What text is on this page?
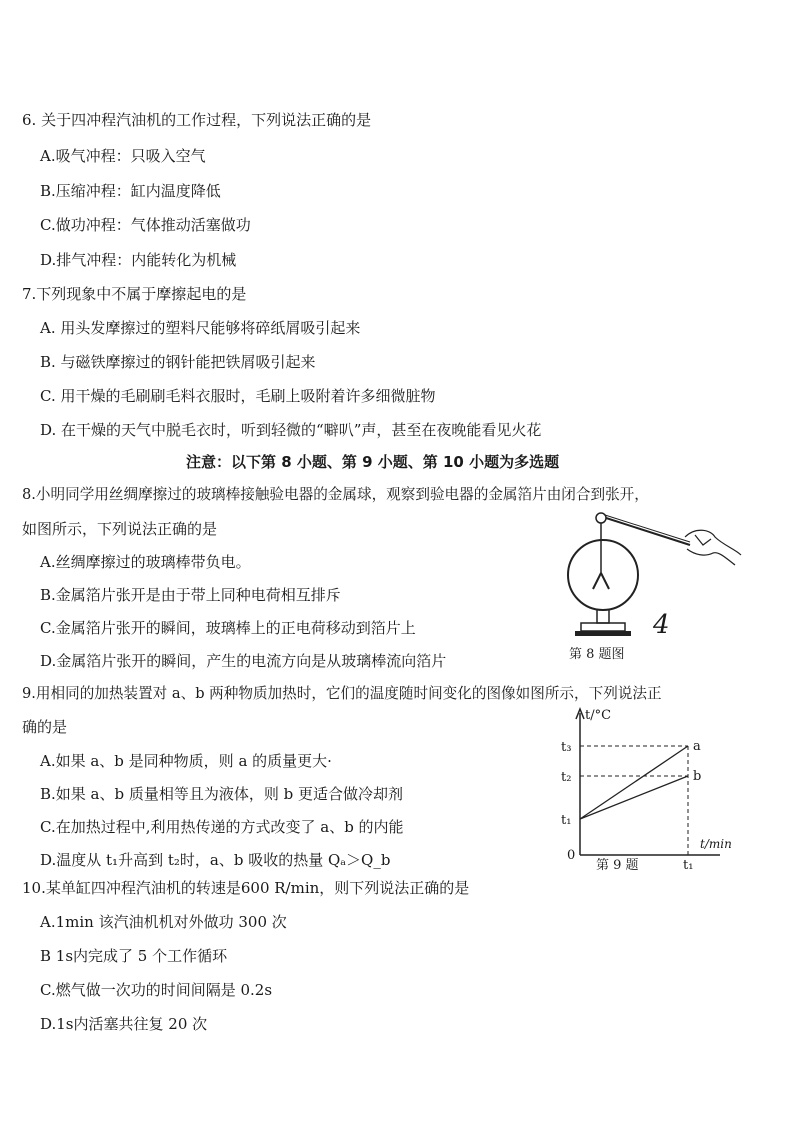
6. 关于四冲程汽油机的工作过程，下列说法正确的是
A.吸气冲程：只吸入空气
B.压缩冲程：缸内温度降低
C.做功冲程：气体推动活塞做功
D.排气冲程：内能转化为机械
7.下列现象中不属于摩擦起电的是
A. 用头发摩擦过的塑料尺能够将碎纸屑吸引起来
B. 与磁铁摩擦过的钢针能把铁屑吸引起来
C. 用干燥的毛刷刷毛料衣服时，毛刷上吸附着许多细微脏物
D. 在干燥的天气中脱毛衣时，听到轻微的“噼叭”声，甚至在夜晚能看见火花
注意：以下第 8 小题、第 9 小题、第 10 小题为多选题
8.小明同学用丝绸摩擦过的玻璃棒接触验电器的金属球，观察到验电器的金属箔片由闭合到张开，
如图所示，下列说法正确的是
A.丝绸摩擦过的玻璃棒带负电。
B.金属箔片张开是由于带上同种电荷相互排斥
C.金属箔片张开的瞬间，玻璃棒上的正电荷移动到箔片上
D.金属箔片张开的瞬间，产生的电流方向是从玻璃棒流向箔片
4
第 8 题图
9.用相同的加热装置对 a、b 两种物质加热时，它们的温度随时间变化的图像如图所示，下列说法正
确的是
A.如果 a、b 是同种物质，则 a 的质量更大·
B.如果 a、b 质量相等且为液体，则 b 更适合做冷却剂
C.在加热过程中,利用热传递的方式改变了 a、b 的内能
D.温度从 t₁升高到 t₂时，a、b 吸收的热量 Qₐ＞Q_b
t/°C
t/min
0
t₃
t₂
t₁
t₁
a
b
第 9 题
10.某单缸四冲程汽油机的转速是600 R/min，则下列说法正确的是
A.1min 该汽油机机对外做功 300 次
B 1s内完成了 5 个工作循环
C.燃气做一次功的时间间隔是 0.2s
D.1s内活塞共往复 20 次
